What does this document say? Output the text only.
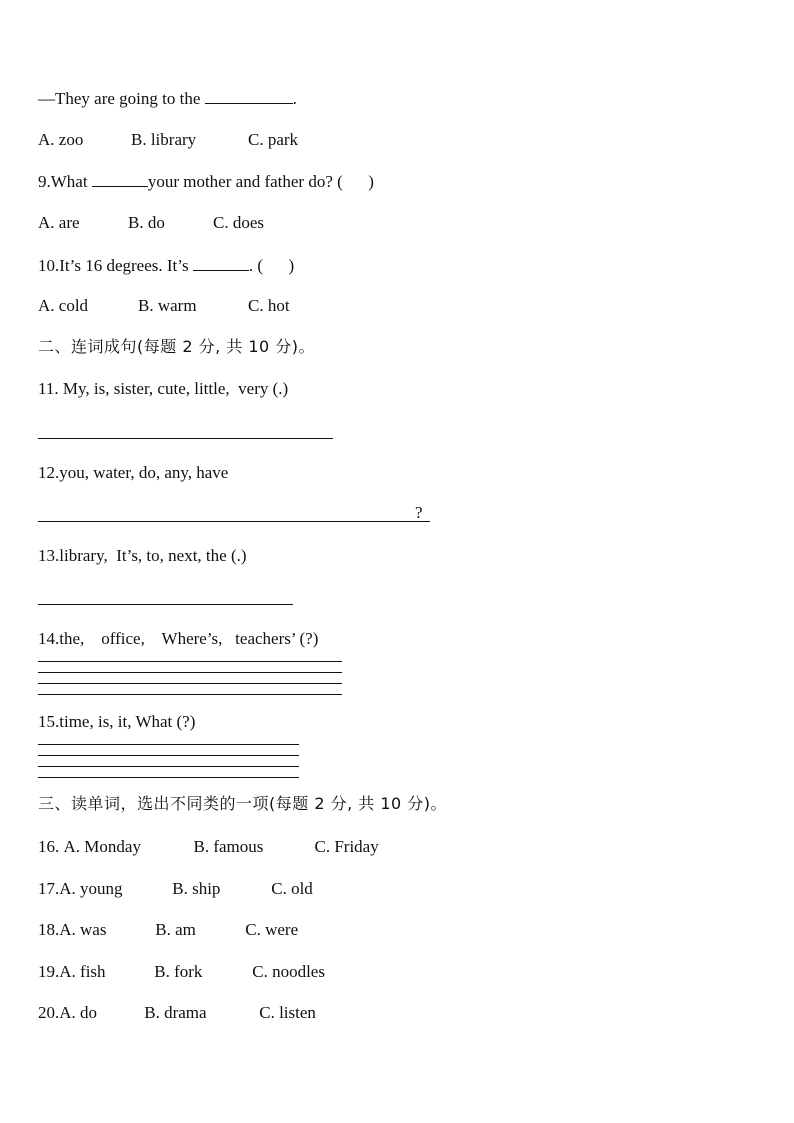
—They are going to the	.
A. zoo	B. library	C. park
9.What	your mother and father do? (      )
A. are	B. do	C. does
10.It’s 16 degrees. It’s	. (      )
A. cold	B. warm	C. hot
二、连词成句(每题 2 分, 共 10 分)。
11. My, is, sister, cute, little,  very (.)
12.you, water, do, any, have
?
13.library,  It’s, to, next, the (.)
14.the,    office,    Where’s,   teachers’ (?)
15.time, is, it, What (?)
三、读单词，选出不同类的一项(每题 2 分, 共 10 分)。
16. A. Monday	B. famous	C. Friday
17.A. young	B. ship	C. old
18.A. was	B. am	C. were
19.A. fish	B. fork	C. noodles
20.A. do	B. drama	C. listen
